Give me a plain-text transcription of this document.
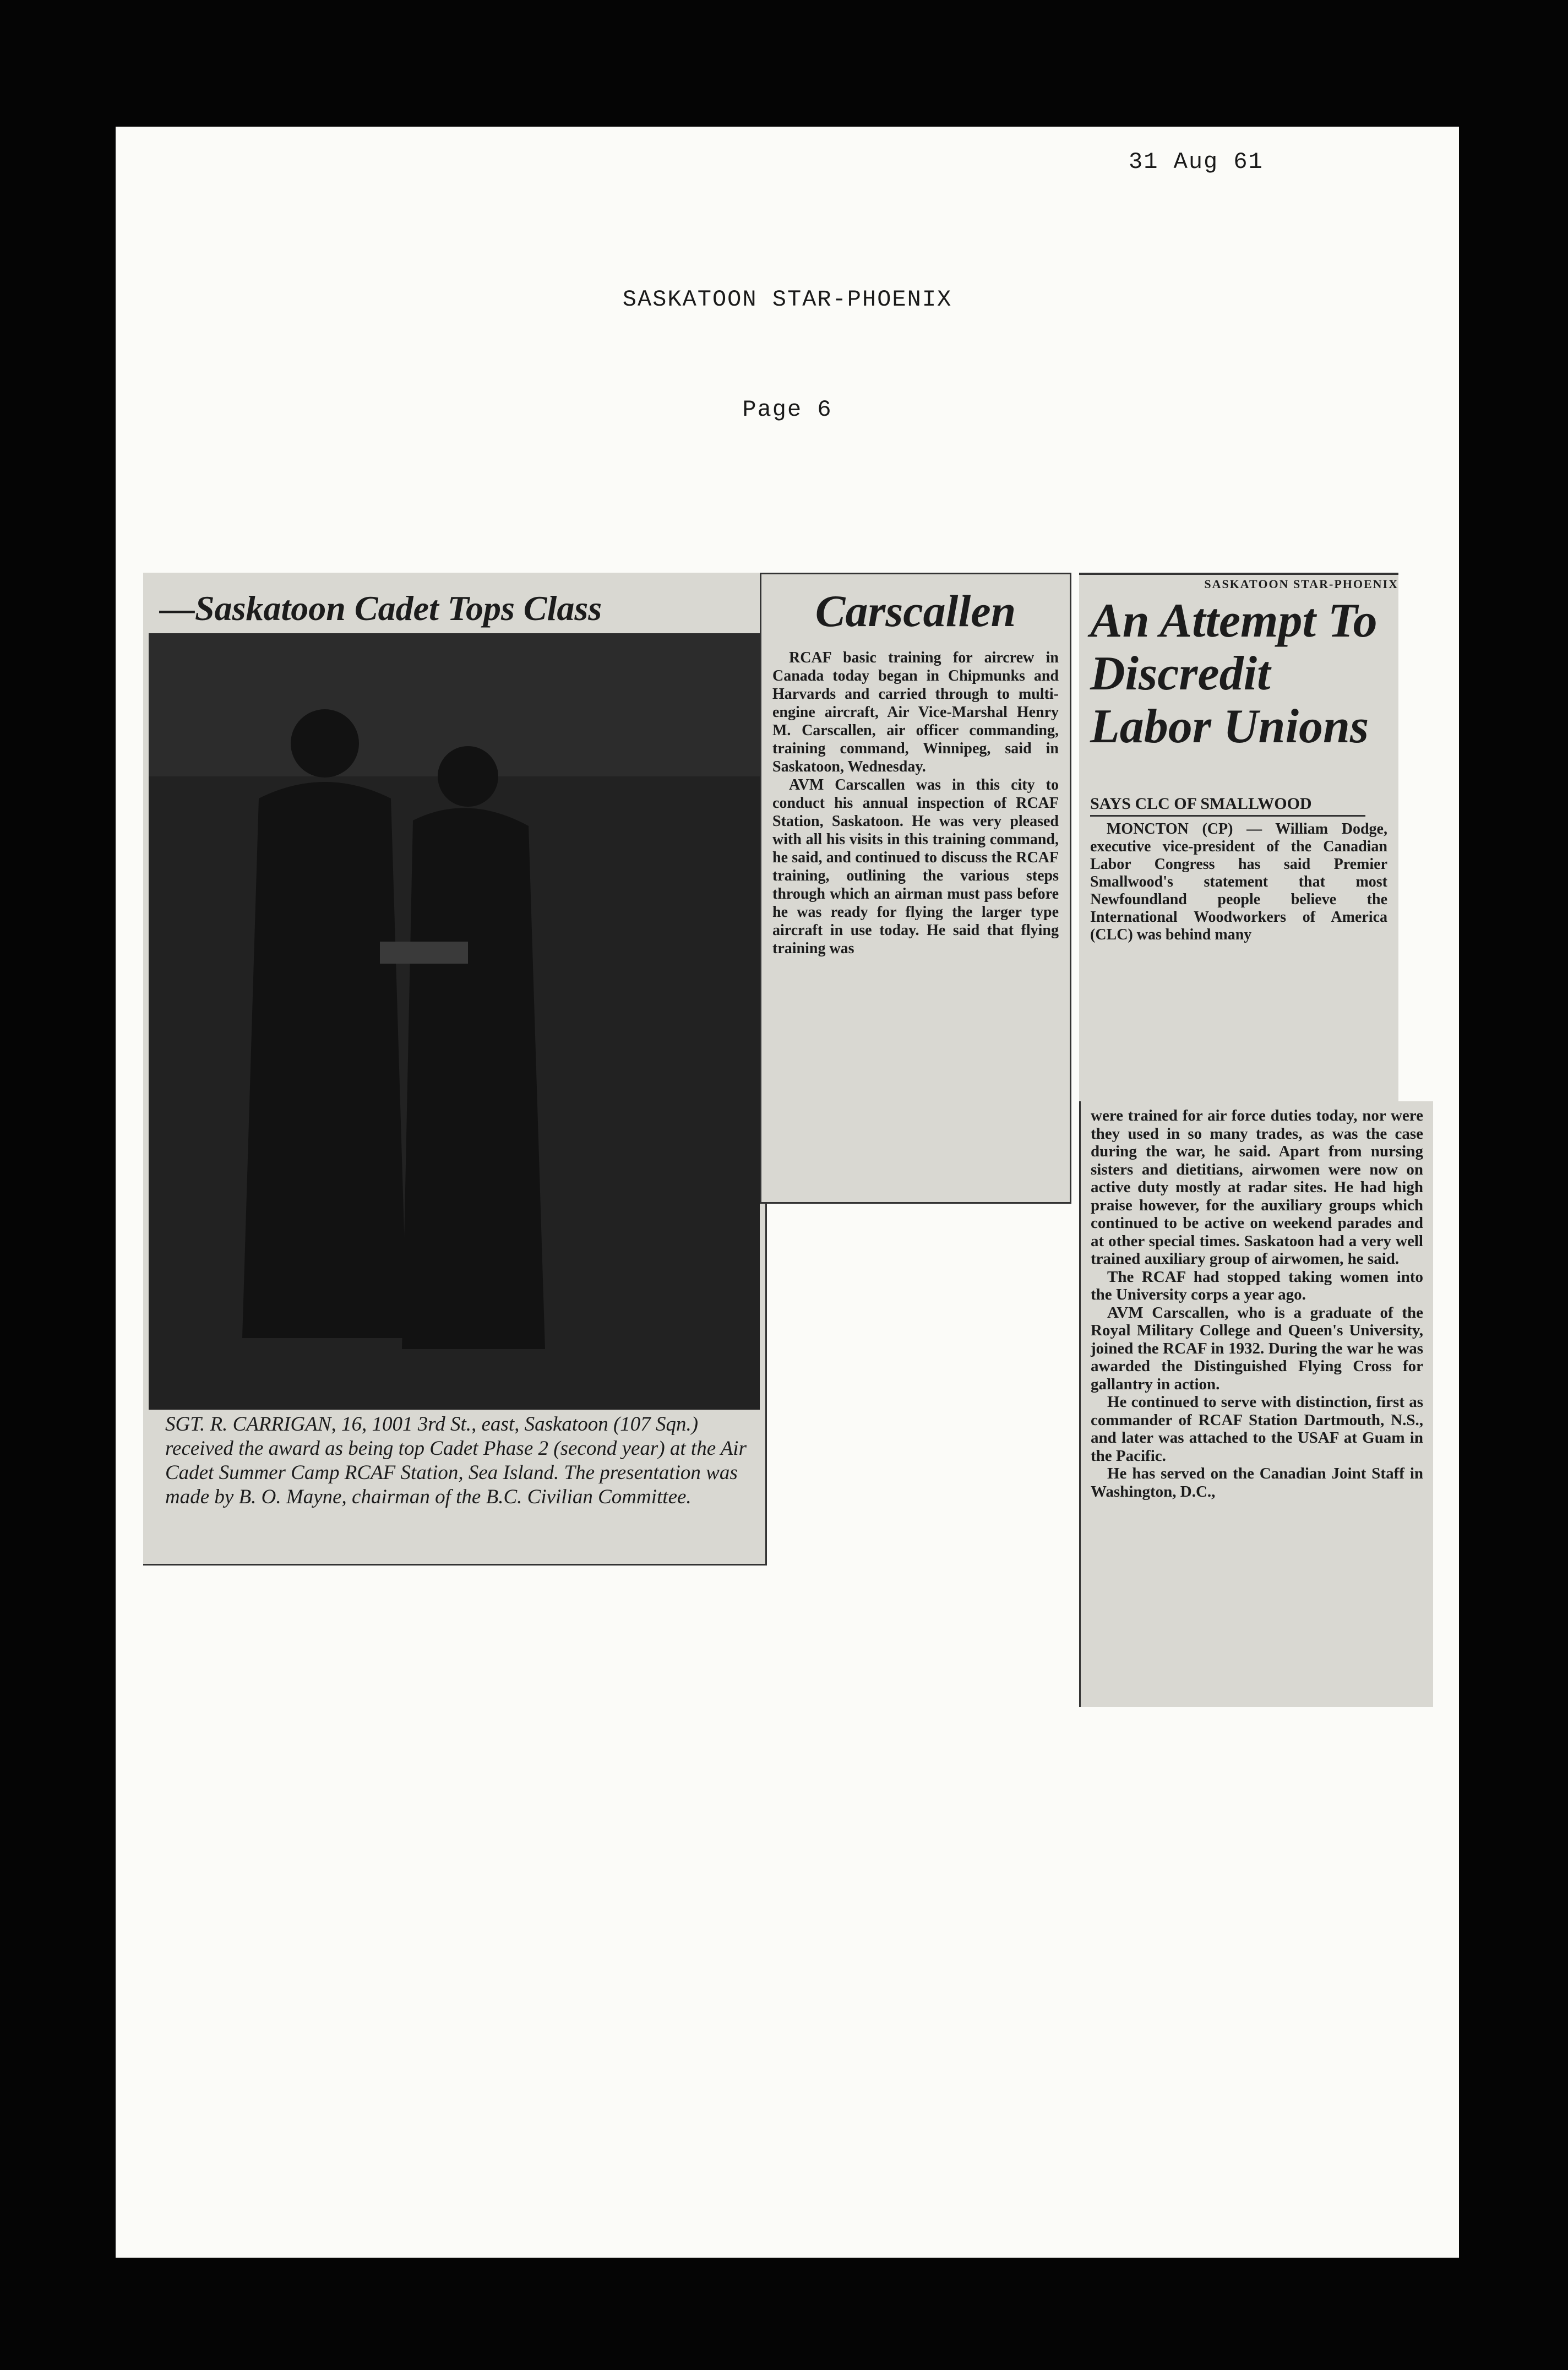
31 Aug 61
SASKATOON STAR-PHOENIX
Page 6
—Saskatoon Cadet Tops Class

SGT. R. CARRIGAN, 16, 1001 3rd St., east, Saskatoon (107 Sqn.) received the award as being top Cadet Phase 2 (second year) at the Air Cadet Summer Camp RCAF Station, Sea Island. The presentation was made by B. O. Mayne, chairman of the B.C. Civilian Committee.

Carscallen

RCAF basic training for aircrew in Canada today began in Chipmunks and Harvards and carried through to multi-engine aircraft, Air Vice-Marshal Henry M. Carscallen, air officer commanding, training command, Winnipeg, said in Saskatoon, Wednesday.

AVM Carscallen was in this city to conduct his annual inspection of RCAF Station, Saskatoon. He was very pleased with all his visits in this training command, he said, and continued to discuss the RCAF training, outlining the various steps through which an airman must pass before he was ready for flying the larger type aircraft in use today. He said that flying training was

SASKATOON STAR-PHOENIX
An Attempt To Discredit Labor Unions
SAYS CLC OF SMALLWOOD

MONCTON (CP) — William Dodge, executive vice-president of the Canadian Labor Congress has said Premier Smallwood's statement that most Newfoundland people believe the International Woodworkers of America (CLC) was behind many

were trained for air force duties today, nor were they used in so many trades, as was the case during the war, he said. Apart from nursing sisters and dietitians, airwomen were now on active duty mostly at radar sites. He had high praise however, for the auxiliary groups which continued to be active on weekend parades and at other special times. Saskatoon had a very well trained auxiliary group of airwomen, he said.

The RCAF had stopped taking women into the University corps a year ago.

AVM Carscallen, who is a graduate of the Royal Military College and Queen's University, joined the RCAF in 1932. During the war he was awarded the Distinguished Flying Cross for gallantry in action.

He continued to serve with distinction, first as commander of RCAF Station Dartmouth, N.S., and later was attached to the USAF at Guam in the Pacific.

He has served on the Canadian Joint Staff in Washington, D.C.,
